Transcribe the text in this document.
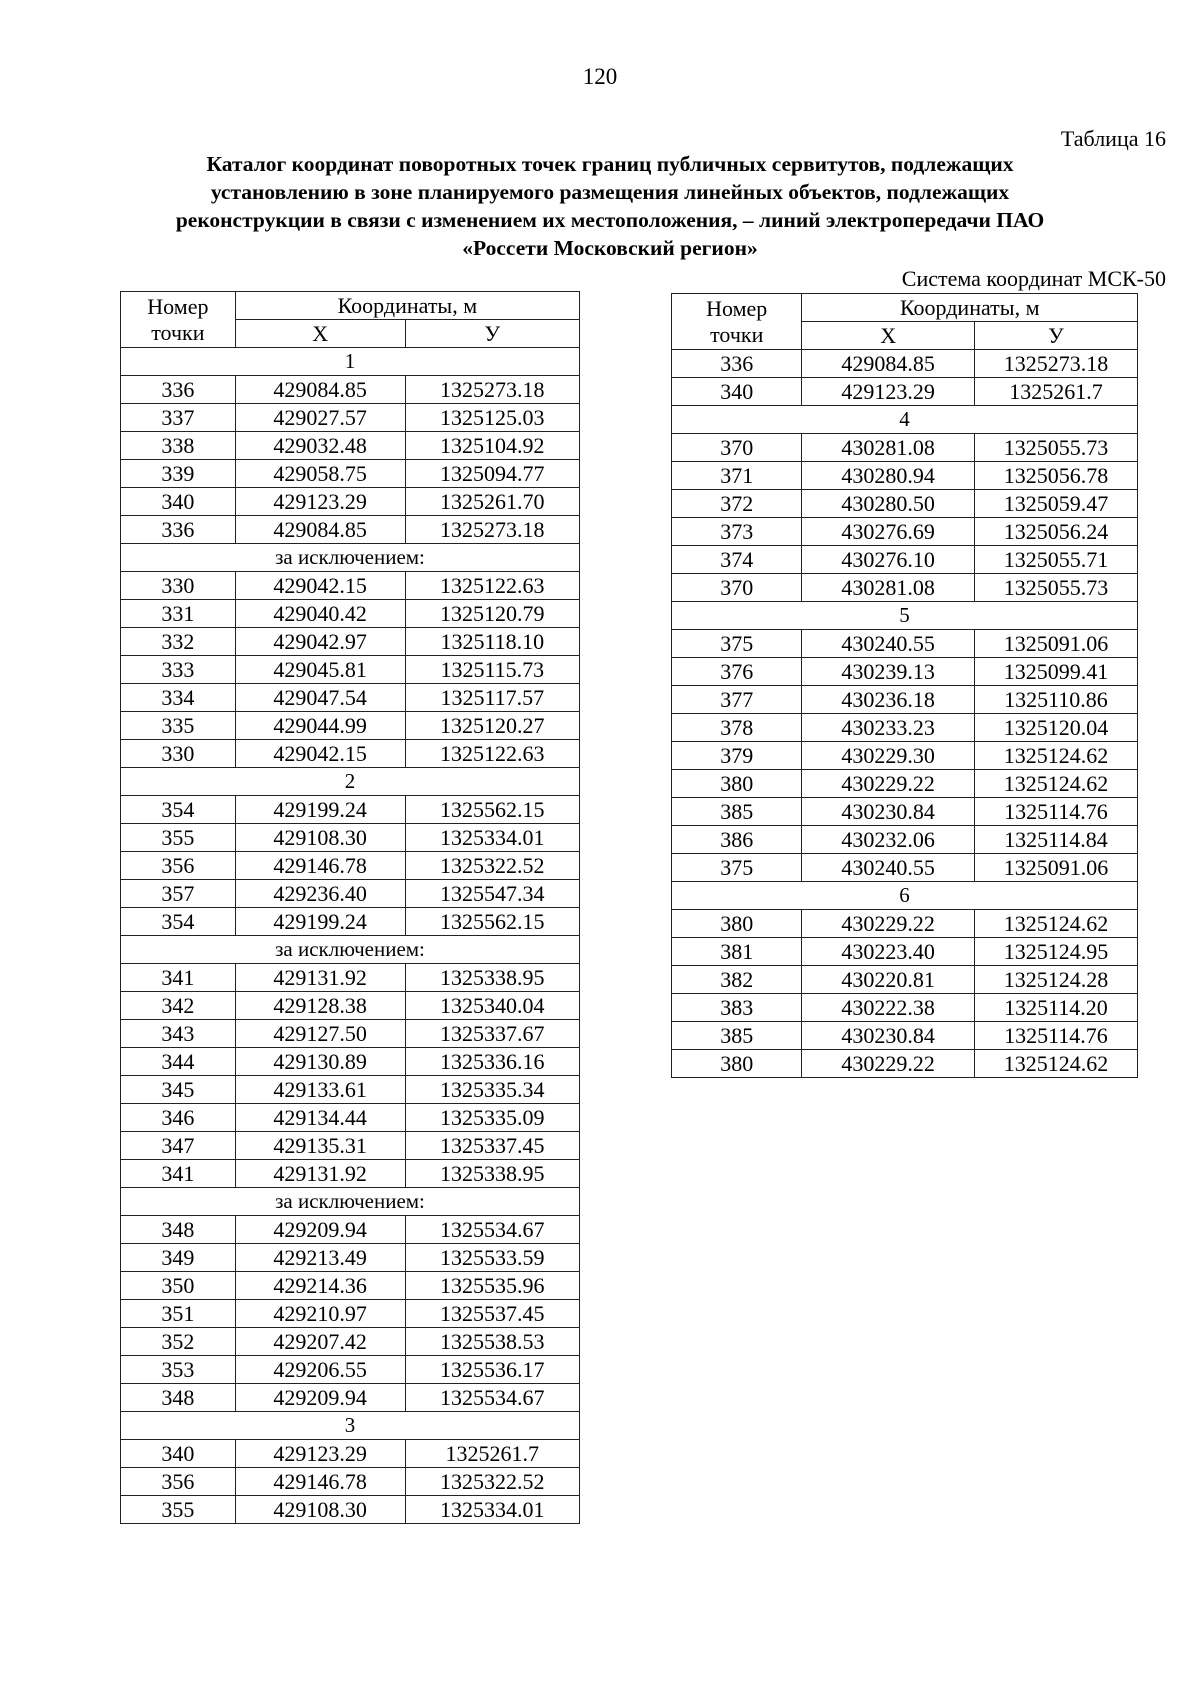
120
Таблица 16
Каталог координат поворотных точек границ публичных сервитутов, подлежащих
установлению в зоне планируемого размещения линейных объектов, подлежащих
реконструкции в связи с изменением их местоположения, – линий электропередачи ПАО
«Россети Московский регион»
Система координат МСК-50
Номер
точки	Координаты, м	
	X	У
1		
336	429084.85	1325273.18
337	429027.57	1325125.03
338	429032.48	1325104.92
339	429058.75	1325094.77
340	429123.29	1325261.70
336	429084.85	1325273.18
за исключением:		
330	429042.15	1325122.63
331	429040.42	1325120.79
332	429042.97	1325118.10
333	429045.81	1325115.73
334	429047.54	1325117.57
335	429044.99	1325120.27
330	429042.15	1325122.63
2		
354	429199.24	1325562.15
355	429108.30	1325334.01
356	429146.78	1325322.52
357	429236.40	1325547.34
354	429199.24	1325562.15
за исключением:		
341	429131.92	1325338.95
342	429128.38	1325340.04
343	429127.50	1325337.67
344	429130.89	1325336.16
345	429133.61	1325335.34
346	429134.44	1325335.09
347	429135.31	1325337.45
341	429131.92	1325338.95
за исключением:		
348	429209.94	1325534.67
349	429213.49	1325533.59
350	429214.36	1325535.96
351	429210.97	1325537.45
352	429207.42	1325538.53
353	429206.55	1325536.17
348	429209.94	1325534.67
3		
340	429123.29	1325261.7
356	429146.78	1325322.52
355	429108.30	1325334.01
Номер
точки	Координаты, м	
	X	У
336	429084.85	1325273.18
340	429123.29	1325261.7
4		
370	430281.08	1325055.73
371	430280.94	1325056.78
372	430280.50	1325059.47
373	430276.69	1325056.24
374	430276.10	1325055.71
370	430281.08	1325055.73
5		
375	430240.55	1325091.06
376	430239.13	1325099.41
377	430236.18	1325110.86
378	430233.23	1325120.04
379	430229.30	1325124.62
380	430229.22	1325124.62
385	430230.84	1325114.76
386	430232.06	1325114.84
375	430240.55	1325091.06
6		
380	430229.22	1325124.62
381	430223.40	1325124.95
382	430220.81	1325124.28
383	430222.38	1325114.20
385	430230.84	1325114.76
380	430229.22	1325124.62
